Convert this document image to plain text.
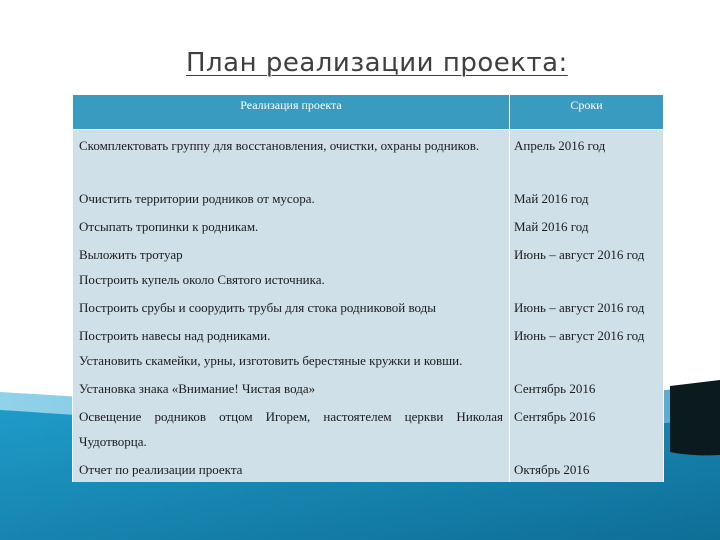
План реализации проекта:
Реализация проекта	Сроки
Скомплектовать группу для восстановления, очистки, охраны родников.	Апрель 2016 год
Очистить территории родников от мусора.	Май 2016 год
Отсыпать тропинки к родникам.	Май 2016 год
Выложить тротуар	Июнь – август 2016 год
Построить купель около Святого источника.	
Построить срубы и соорудить трубы для стока родниковой воды	Июнь – август 2016 год
Построить навесы над родниками.	Июнь – август 2016 год
Установить скамейки, урны, изготовить берестяные кружки и ковши.	
Установка знака «Внимание! Чистая вода»	Сентябрь 2016
Освещение родников отцом Игорем, настоятелем церкви Николая Чудотворца.	Сентябрь 2016
Отчет по реализации проекта	Октябрь 2016
